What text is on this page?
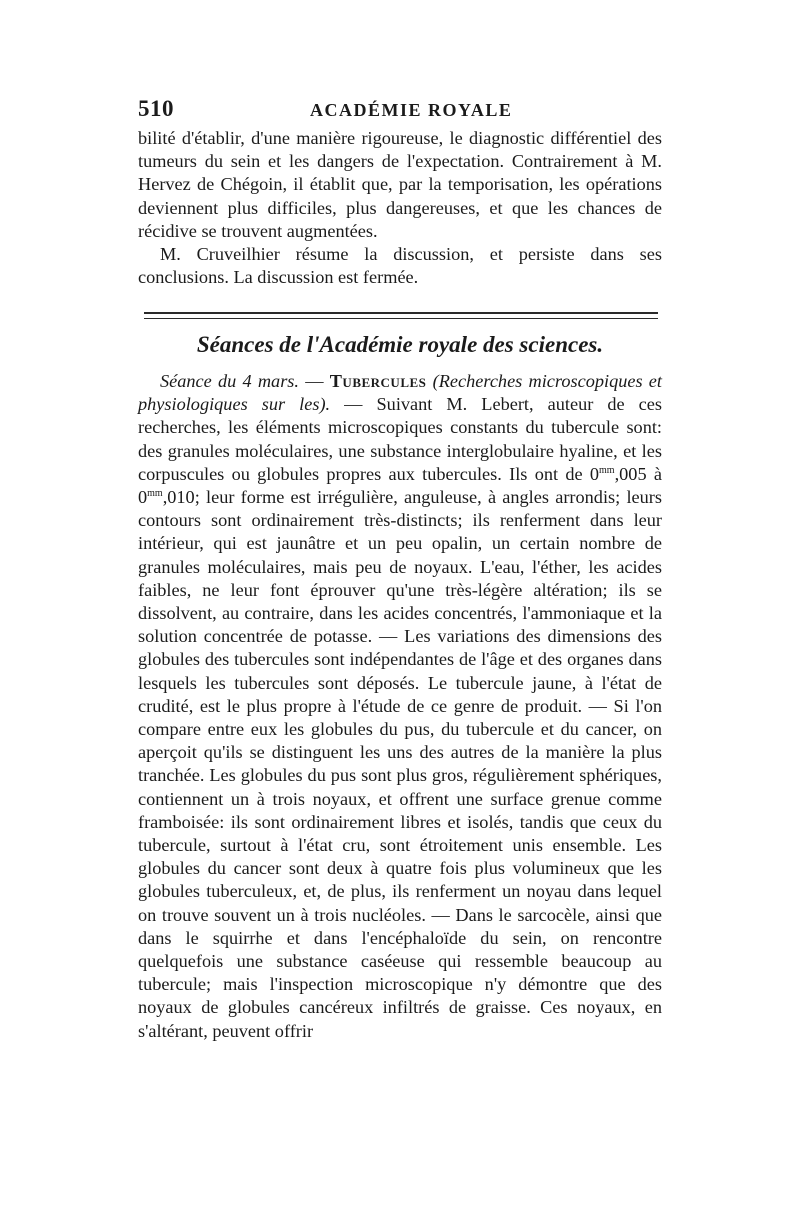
510	ACADÉMIE ROYALE

bilité d'établir, d'une manière rigoureuse, le diagnostic différentiel des tumeurs du sein et les dangers de l'expectation. Contrairement à M. Hervez de Chégoin, il établit que, par la temporisation, les opérations deviennent plus difficiles, plus dangereuses, et que les chances de récidive se trouvent augmentées.

M. Cruveilhier résume la discussion, et persiste dans ses conclusions. La discussion est fermée.

Séances de l'Académie royale des sciences.

Séance du 4 mars. — Tubercules (Recherches microscopiques et physiologiques sur les). — Suivant M. Lebert, auteur de ces recherches, les éléments microscopiques constants du tubercule sont: des granules moléculaires, une substance interglobulaire hyaline, et les corpuscules ou globules propres aux tubercules. Ils ont de $0^{mm},005$ à $0^{mm},010$; leur forme est irrégulière, anguleuse, à angles arrondis; leurs contours sont ordinairement très-distincts; ils renferment dans leur intérieur, qui est jaunâtre et un peu opalin, un certain nombre de granules moléculaires, mais peu de noyaux. L'eau, l'éther, les acides faibles, ne leur font éprouver qu'une très-légère altération; ils se dissolvent, au contraire, dans les acides concentrés, l'ammoniaque et la solution concentrée de potasse. — Les variations des dimensions des globules des tubercules sont indépendantes de l'âge et des organes dans lesquels les tubercules sont déposés. Le tubercule jaune, à l'état de crudité, est le plus propre à l'étude de ce genre de produit. — Si l'on compare entre eux les globules du pus, du tubercule et du cancer, on aperçoit qu'ils se distinguent les uns des autres de la manière la plus tranchée. Les globules du pus sont plus gros, régulièrement sphériques, contiennent un à trois noyaux, et offrent une surface grenue comme framboisée: ils sont ordinairement libres et isolés, tandis que ceux du tubercule, surtout à l'état cru, sont étroitement unis ensemble. Les globules du cancer sont deux à quatre fois plus volumineux que les globules tuberculeux, et, de plus, ils renferment un noyau dans lequel on trouve souvent un à trois nucléoles. — Dans le sarcocèle, ainsi que dans le squirrhe et dans l'encéphaloïde du sein, on rencontre quelquefois une substance caséeuse qui ressemble beaucoup au tubercule; mais l'inspection microscopique n'y démontre que des noyaux de globules cancéreux infiltrés de graisse. Ces noyaux, en s'altérant, peuvent offrir
